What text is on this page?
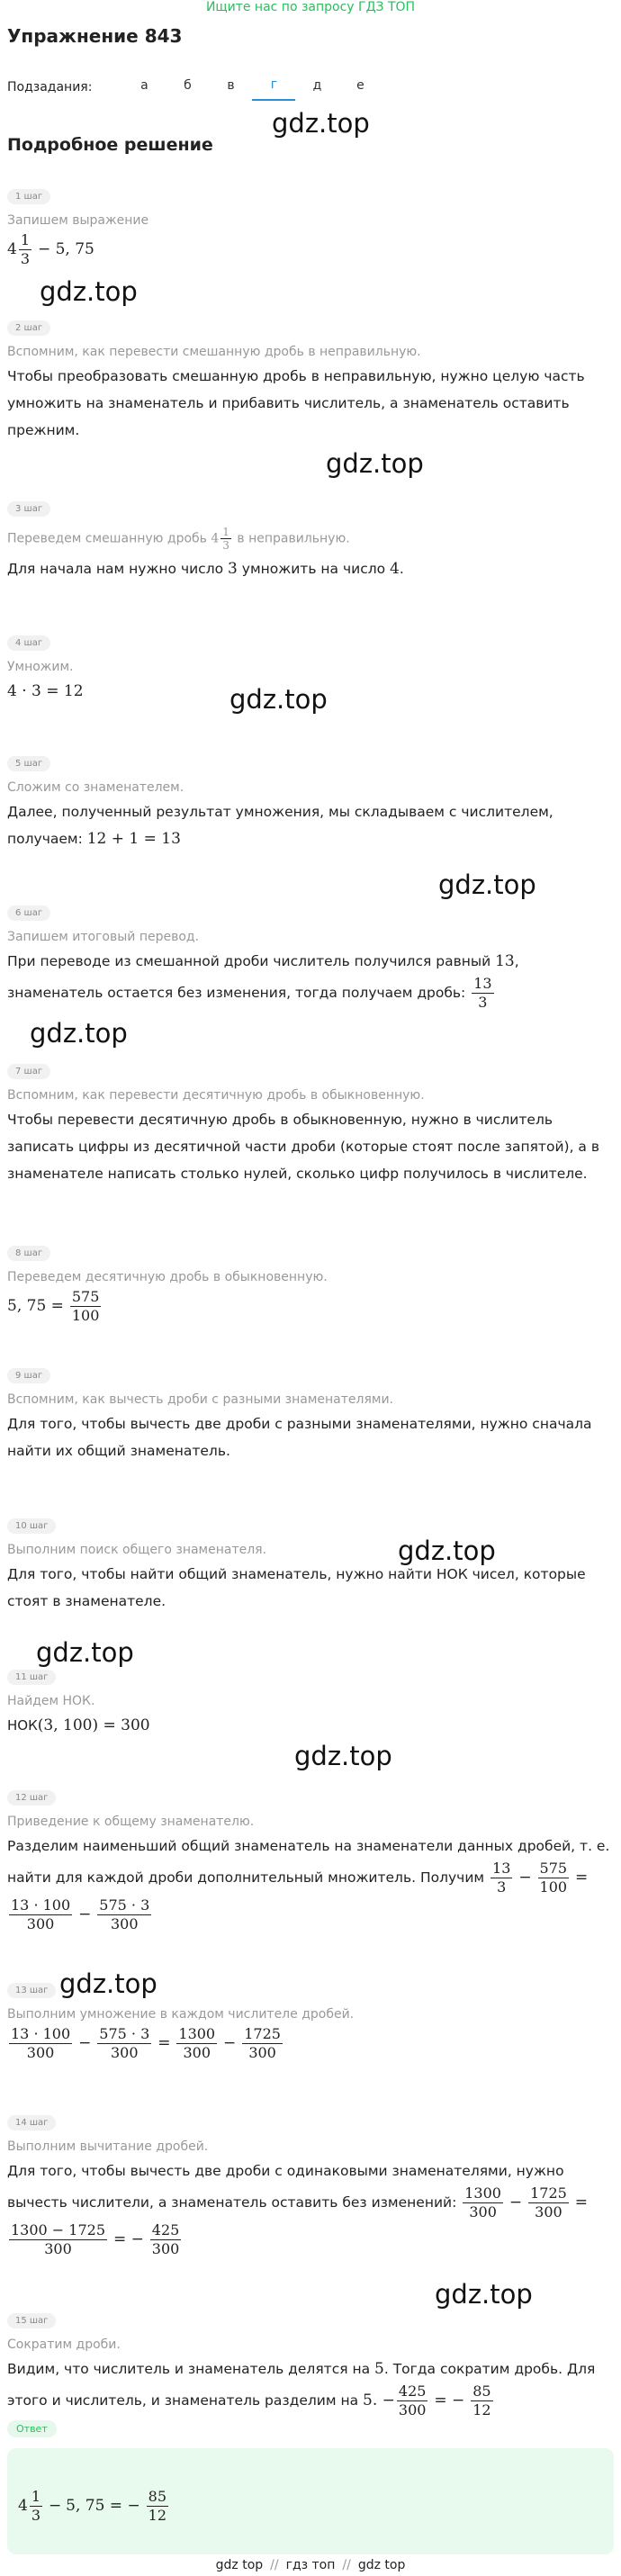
Ищите нас по запросу ГДЗ ТОП
Упражнение 843
Подзадания:	а	б	в	г	д	е
Подробное решение
gdz.top
gdz.top
gdz.top
gdz.top
gdz.top
gdz.top
gdz.top
gdz.top
gdz.top
gdz.top
gdz.top
1 шаг
Запишем выражение
$4 \frac{1}{3} - 5$, 75
2 шаг
Вспомним, как перевести смешанную дробь в неправильную.
Чтобы преобразовать смешанную дробь в неправильную, нужно целую часть умножить на знаменатель и прибавить числитель, а знаменатель оставить прежним.
3 шаг
Переведем смешанную дробь $4 \frac{1}{3}$ в неправильную.
Для начала нам нужно число 3 умножить на число 4.
4 шаг
Умножим.
4 · 3 = 12
5 шаг
Сложим со знаменателем.
Далее, полученный результат умножения, мы складываем с числителем, получаем: 12 + 1 = 13
6 шаг
Запишем итоговый перевод.
При переводе из смешанной дроби числитель получился равный 13, знаменатель остается без изменения, тогда получаем дробь: $\frac{13}{3}$
7 шаг
Вспомним, как перевести десятичную дробь в обыкновенную.
Чтобы перевести десятичную дробь в обыкновенную, нужно в числитель записать цифры из десятичной части дроби (которые стоят после запятой), а в знаменателе написать столько нулей, сколько цифр получилось в числителе.
8 шаг
Переведем десятичную дробь в обыкновенную.
5, $75 = \frac{575}{100}$
9 шаг
Вспомним, как вычесть дроби с разными знаменателями.
Для того, чтобы вычесть две дроби с разными знаменателями, нужно сначала найти их общий знаменатель.
10 шаг
Выполним поиск общего знаменателя.
Для того, чтобы найти общий знаменатель, нужно найти НОК чисел, которые стоят в знаменателе.
11 шаг
Найдем НОК.
НОК(3, 100) = 300
12 шаг
Приведение к общему знаменателю.
Разделим наименьший общий знаменатель на знаменатели данных дробей, т. е. найти для каждой дроби дополнительный множитель. Получим $\frac{13}{3} - \frac{575}{100}$ =
$\frac{13 \cdot 100}{300} - \frac{575 \cdot 3}{300}$
13 шаг
Выполним умножение в каждом числителе дробей.
$\frac{13 \cdot 100}{300} - \frac{575 \cdot 3}{300} = \frac{1300}{300} - \frac{1725}{300}$
14 шаг
Выполним вычитание дробей.
Для того, чтобы вычесть две дроби с одинаковыми знаменателями, нужно вычесть числители, а знаменатель оставить без изменений: $\frac{1300}{300} - \frac{1725}{300}$ =
$\frac{1300 - 1725}{300}$ = − $\frac{425}{300}$
15 шаг
Сократим дроби.
Видим, что числитель и знаменатель делятся на 5. Тогда сократим дробь. Для этого и числитель, и знаменатель разделим на 5. − $\frac{425}{300}$ = − $\frac{85}{12}$
Ответ
$4 \frac{1}{3} - 5$, 75 = − $\frac{85}{12}$
gdz top // гдз топ // gdz top
